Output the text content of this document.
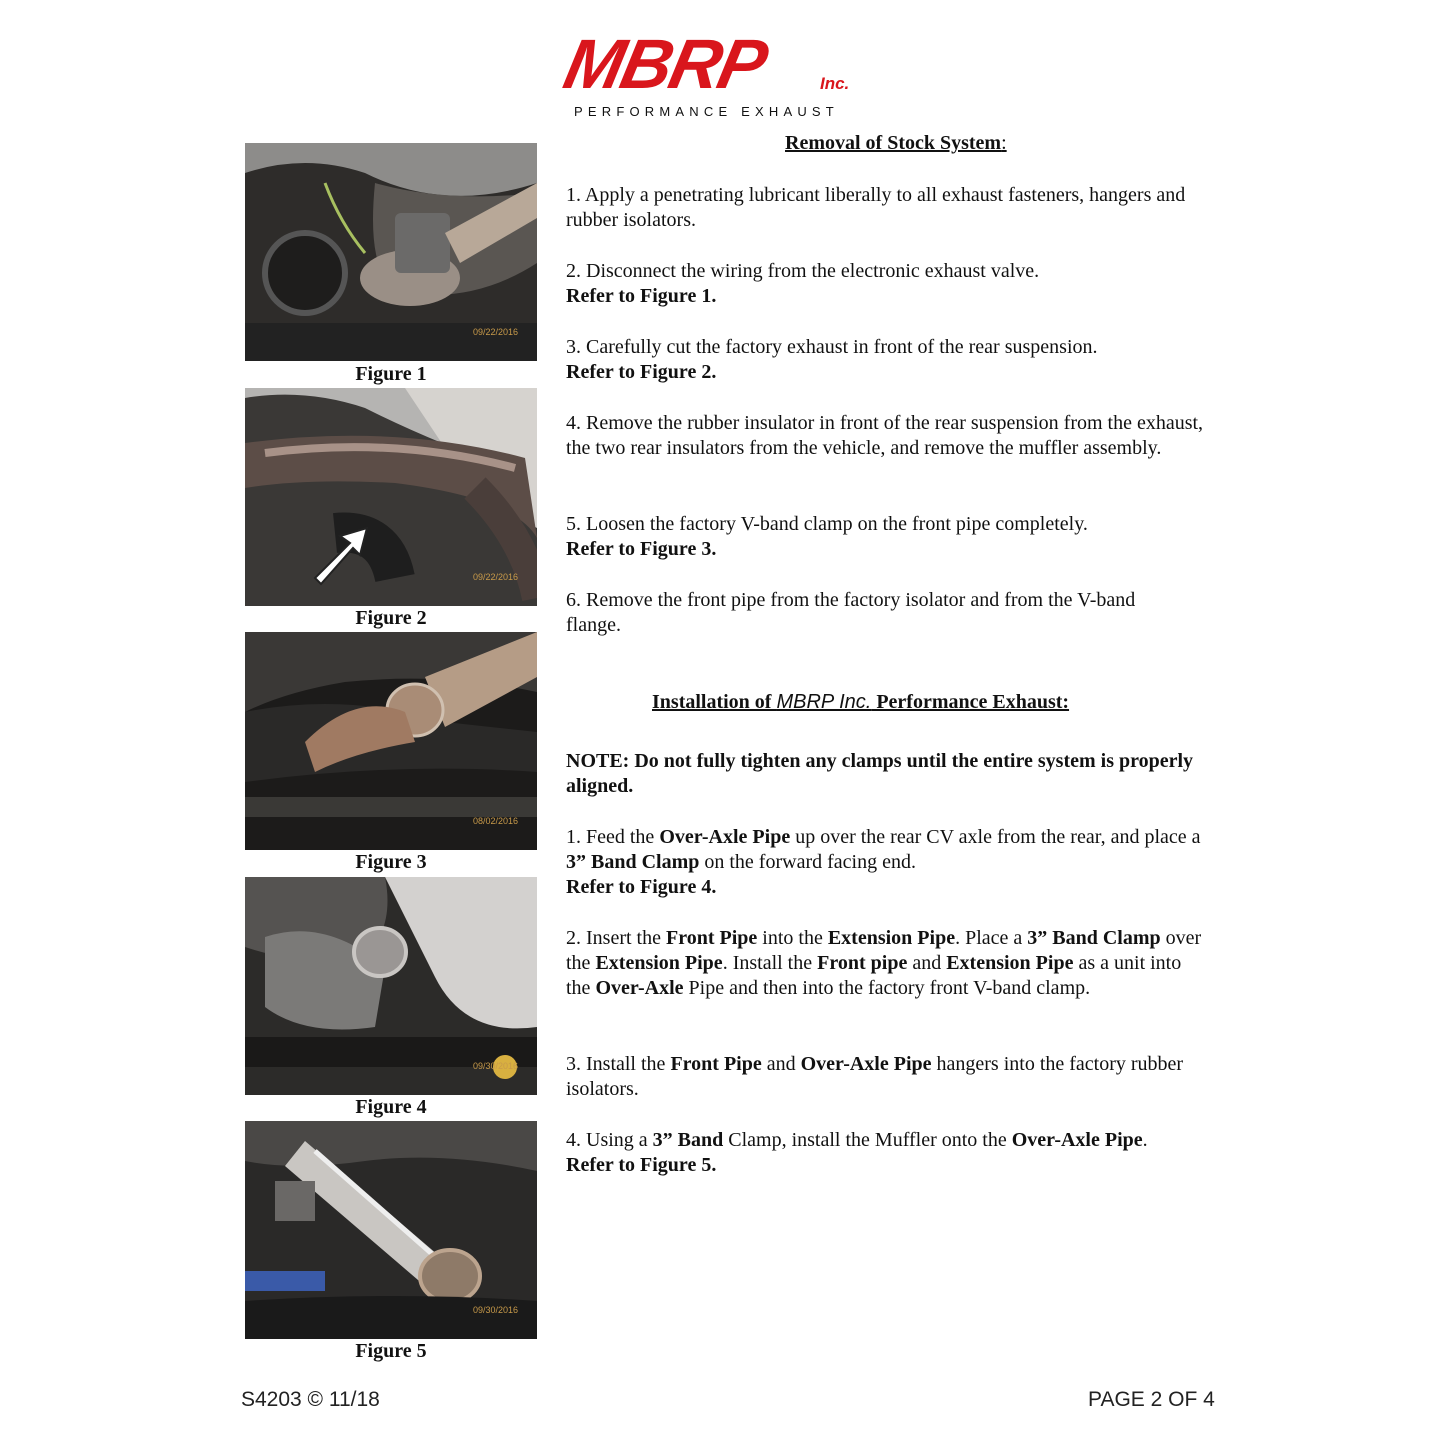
MBRP	Inc.
PERFORMANCE EXHAUST
09/22/2016
Figure 1
09/22/2016
Figure 2
08/02/2016
Figure 3
09/30/2016
Figure 4
09/30/2016
Figure 5
Removal of Stock System:

1. Apply a penetrating lubricant liberally to all exhaust fasteners, hangers and rubber isolators.

2. Disconnect the wiring from the electronic exhaust valve.

Refer to Figure 1.

3. Carefully cut the factory exhaust in front of the rear suspension.

Refer to Figure 2.

4. Remove the rubber insulator in front of the rear suspension from the exhaust, the two rear insulators from the vehicle, and remove the muffler assembly.

5. Loosen the factory V-band clamp on the front pipe completely.

Refer to Figure 3.

6. Remove the front pipe from the factory isolator and from the V-band flange.

Installation of MBRP Inc. Performance Exhaust:
NOTE: Do not fully tighten any clamps until the entire system is properly aligned.

1. Feed the Over-Axle Pipe up over the rear CV axle from the rear, and place a 3” Band Clamp on the forward facing end.

Refer to Figure 4.

2. Insert the Front Pipe into the Extension Pipe. Place a 3” Band Clamp over the Extension Pipe. Install the Front pipe and Extension Pipe as a unit into the Over-Axle Pipe and then into the factory front V-band clamp.

3. Install the Front Pipe and Over-Axle Pipe hangers into the factory rubber isolators.

4. Using a 3” Band Clamp, install the Muffler onto the Over-Axle Pipe.

Refer to Figure 5.

S4203 © 11/18	PAGE 2 OF 4
